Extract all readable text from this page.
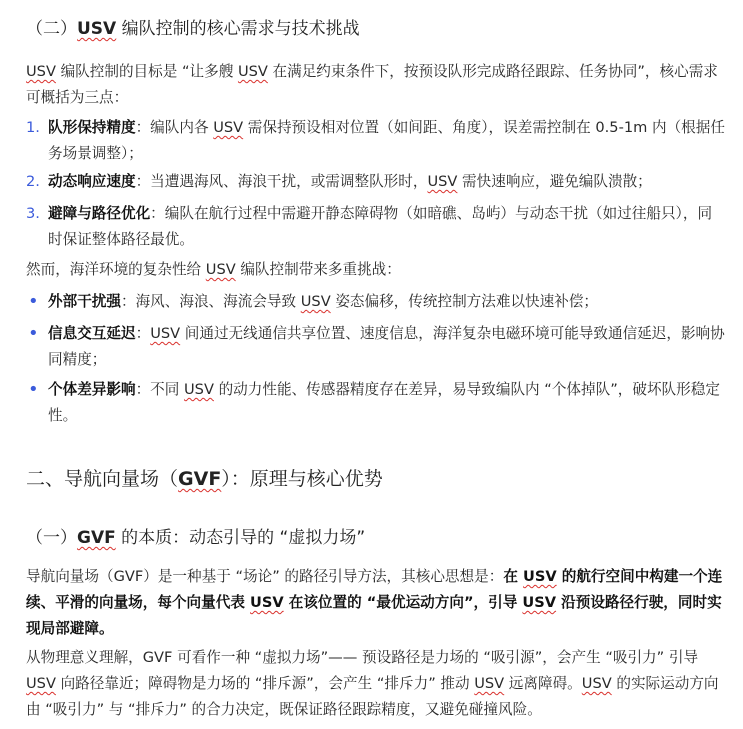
（二）USV 编队控制的核心需求与技术挑战
USV 编队控制的目标是 “让多艘 USV 在满足约束条件下，按预设队形完成路径跟踪、任务协同”，核心需求可概括为三点：
1. 队形保持精度：编队内各 USV 需保持预设相对位置（如间距、角度），误差需控制在 0.5-1m 内（根据任务场景调整）；
2. 动态响应速度：当遭遇海风、海浪干扰，或需调整队形时，USV 需快速响应，避免编队溃散；
3. 避障与路径优化：编队在航行过程中需避开静态障碍物（如暗礁、岛屿）与动态干扰（如过往船只），同时保证整体路径最优。
然而，海洋环境的复杂性给 USV 编队控制带来多重挑战：
• 外部干扰强：海风、海浪、海流会导致 USV 姿态偏移，传统控制方法难以快速补偿；
• 信息交互延迟：USV 间通过无线通信共享位置、速度信息，海洋复杂电磁环境可能导致通信延迟，影响协同精度；
• 个体差异影响：不同 USV 的动力性能、传感器精度存在差异，易导致编队内 “个体掉队”，破坏队形稳定性。
二、导航向量场（GVF）：原理与核心优势
（一）GVF 的本质：动态引导的 “虚拟力场”
导航向量场（GVF）是一种基于 “场论” 的路径引导方法，其核心思想是：在 USV 的航行空间中构建一个连续、平滑的向量场，每个向量代表 USV 在该位置的 “最优运动方向”，引导 USV 沿预设路径行驶，同时实现局部避障。
从物理意义理解，GVF 可看作一种 “虚拟力场”—— 预设路径是力场的 “吸引源”，会产生 “吸引力” 引导 USV 向路径靠近；障碍物是力场的 “排斥源”，会产生 “排斥力” 推动 USV 远离障碍。USV 的实际运动方向由 “吸引力” 与 “排斥力” 的合力决定，既保证路径跟踪精度，又避免碰撞风险。
